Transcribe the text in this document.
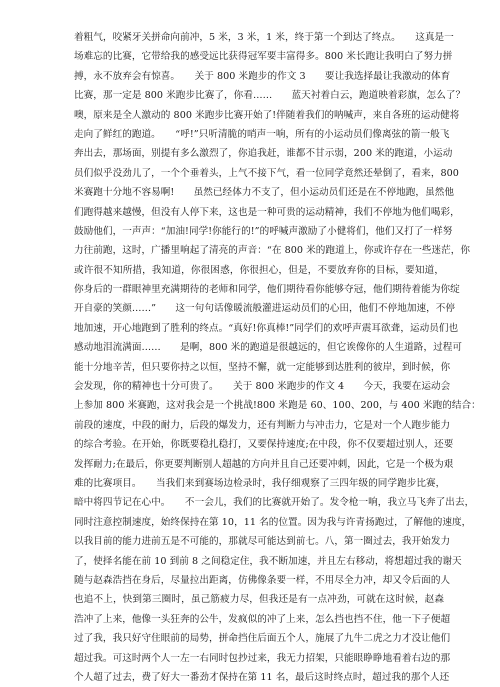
着粗气，咬紧牙关拼命向前冲，5 米，3 米，1 米，终于第一个到达了终点。　　这真是一
场难忘的比赛，它带给我的感受远比获得冠军要丰富得多。800 米长跑让我明白了努力拼
搏，永不放弃会有惊喜。　　关于 800 米跑步的作文 3　　要让我选择最让我激动的体育
比赛，那一定是 800 米跑步比赛了，你看……　　蓝天衬着白云，跑道映着彩旗，怎么了？
噢，原来是全人激动的 800 米跑步比赛开始了!伴随着我们的呐喊声，来自各班的运动健将
走向了鲜红的跑道。　　“呼!”只听清脆的哨声一响，所有的小运动员们像离弦的箭一般飞
奔出去，那场面，别提有多么激烈了，你追我赶，谁都不甘示弱，200 米的跑道，小运动
员们似乎没劲儿了，一个个垂着头，上气不接下气，看一位同学竟然还晕倒了，看来，800
米赛跑十分地不容易啊!　　虽然已经体力不支了，但小运动员们还是在不停地跑，虽然他
们跑得越来越慢，但没有人停下来，这也是一种可贵的运动精神，我们不停地为他们喝彩，
鼓励他们，一声声：“加油!同学!你能行的!”的呼喊声激励了小健将们，他们又打了一样努
力往前跑，这时，广播里响起了清亮的声音：“在 800 米的跑道上，你或许存在一些迷茫，你
或许很不知所措，我知道，你很困惑，你很担心，但是，不要放弃你的目标，要知道，
你身后的一群眼神里充满期待的老师和同学，他们期待看你能够夺冠，他们期待着能为你绽
开自豪的笑颜……”　　这一句句话像暖流般灌进运动员们的心田，他们不停地加速，不停
地加速，开心地跑到了胜利的终点。“真好!你真棒!”同学们的欢呼声震耳欲聋，运动员们也
感动地泪流满面……　　是啊，800 米的跑道是很越远的，但它诶像你的人生道路，过程可
能十分地辛苦，但只要你持之以恒，坚持不懈，就一定能够到达胜利的彼岸，到时候，你
会发现，你的精神也十分可贵了。　　关于 800 米跑步的作文 4　　今天，我要在运动会
上参加 800 米赛跑，这对我会是一个挑战!800 米跑是 60、100、200，与 400 米跑的结合：
前段的速度，中段的耐力，后段的爆发力，还有判断力与冲击力，它是对一个人跑步能力
的综合考验。在开始，你既要稳扎稳打，又要保持速度;在中段，你不仅要超过别人，还要
发挥耐力;在最后，你更要判断别人超越的方向并且自己还要冲刺，因此，它是一个极为艰
难的比赛项目。　　当我们来到赛场边检录时，我仔细观察了三四年级的同学跑步比赛，
暗中将四节记在心中。　　不一会儿，我们的比赛就开始了。发令枪一响，我立马飞奔了出去，
同时注意控制速度，始终保持在第 10，11 名的位置。因为我与许青扬跑过，了解他的速度，
以我目前的能力进前五是不可能的，那就尽可能达到前七。八，第一圈过去，我开始发力
了，使择名能在前 10 到前 8 之间稳定住，我不断加速，并且左右移动，将想超过我的谢天
随与赵森浩挡在身后，尽量拉出距离，仿佛像条要一样，不用尽全力冲，却又令后面的人
也追不上，快到第三圈时，虽己筋疲力尽，但我还是有一点冲劲，可就在这时候，赵森
浩冲了上来，他像一头狂奔的公牛，发疯似的冲了上来，怎么挡也挡不住，他一下子便超
过了我，我只好守住眼前的局势，拼命挡住后面五个人，施展了九牛二虎之力才没让他们
超过我。可这时两个人一左一右同时包抄过来，我无力招架，只能眼睁睁地看着右边的那
个人超了过去，费了好大一番劲才保持在第 11 名，最后这时终点时，超过我的那个人还
